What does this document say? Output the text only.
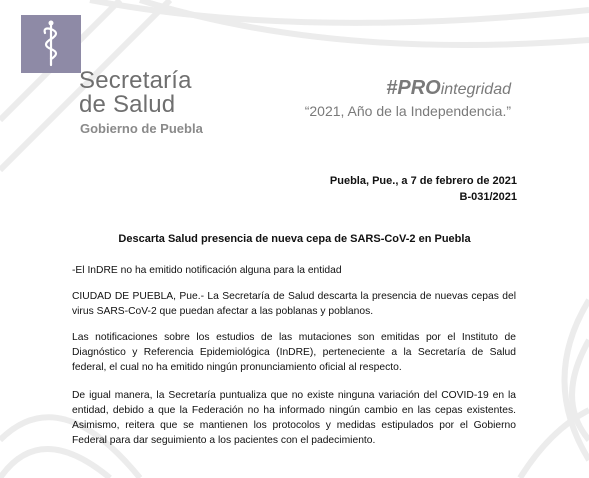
Secretaría
de Salud
Gobierno de Puebla
#PROintegridad
“2021, Año de la Independencia.”
Puebla, Pue., a 7 de febrero de 2021
B-031/2021
Descarta Salud presencia de nueva cepa de SARS-CoV-2 en Puebla
-El InDRE no ha emitido notificación alguna para la entidad
CIUDAD DE PUEBLA, Pue.- La Secretaría de Salud descarta la presencia de nuevas cepas del virus SARS-CoV-2 que puedan afectar a las poblanas y poblanos.
Las notificaciones sobre los estudios de las mutaciones son emitidas por el Instituto de Diagnóstico y Referencia Epidemiológica (InDRE), perteneciente a la Secretaría de Salud federal, el cual no ha emitido ningún pronunciamiento oficial al respecto.
De igual manera, la Secretaría puntualiza que no existe ninguna variación del COVID-19 en la entidad, debido a que la Federación no ha informado ningún cambio en las cepas existentes. Asimismo, reitera que se mantienen los protocolos y medidas estipulados por el Gobierno Federal para dar seguimiento a los pacientes con el padecimiento.
